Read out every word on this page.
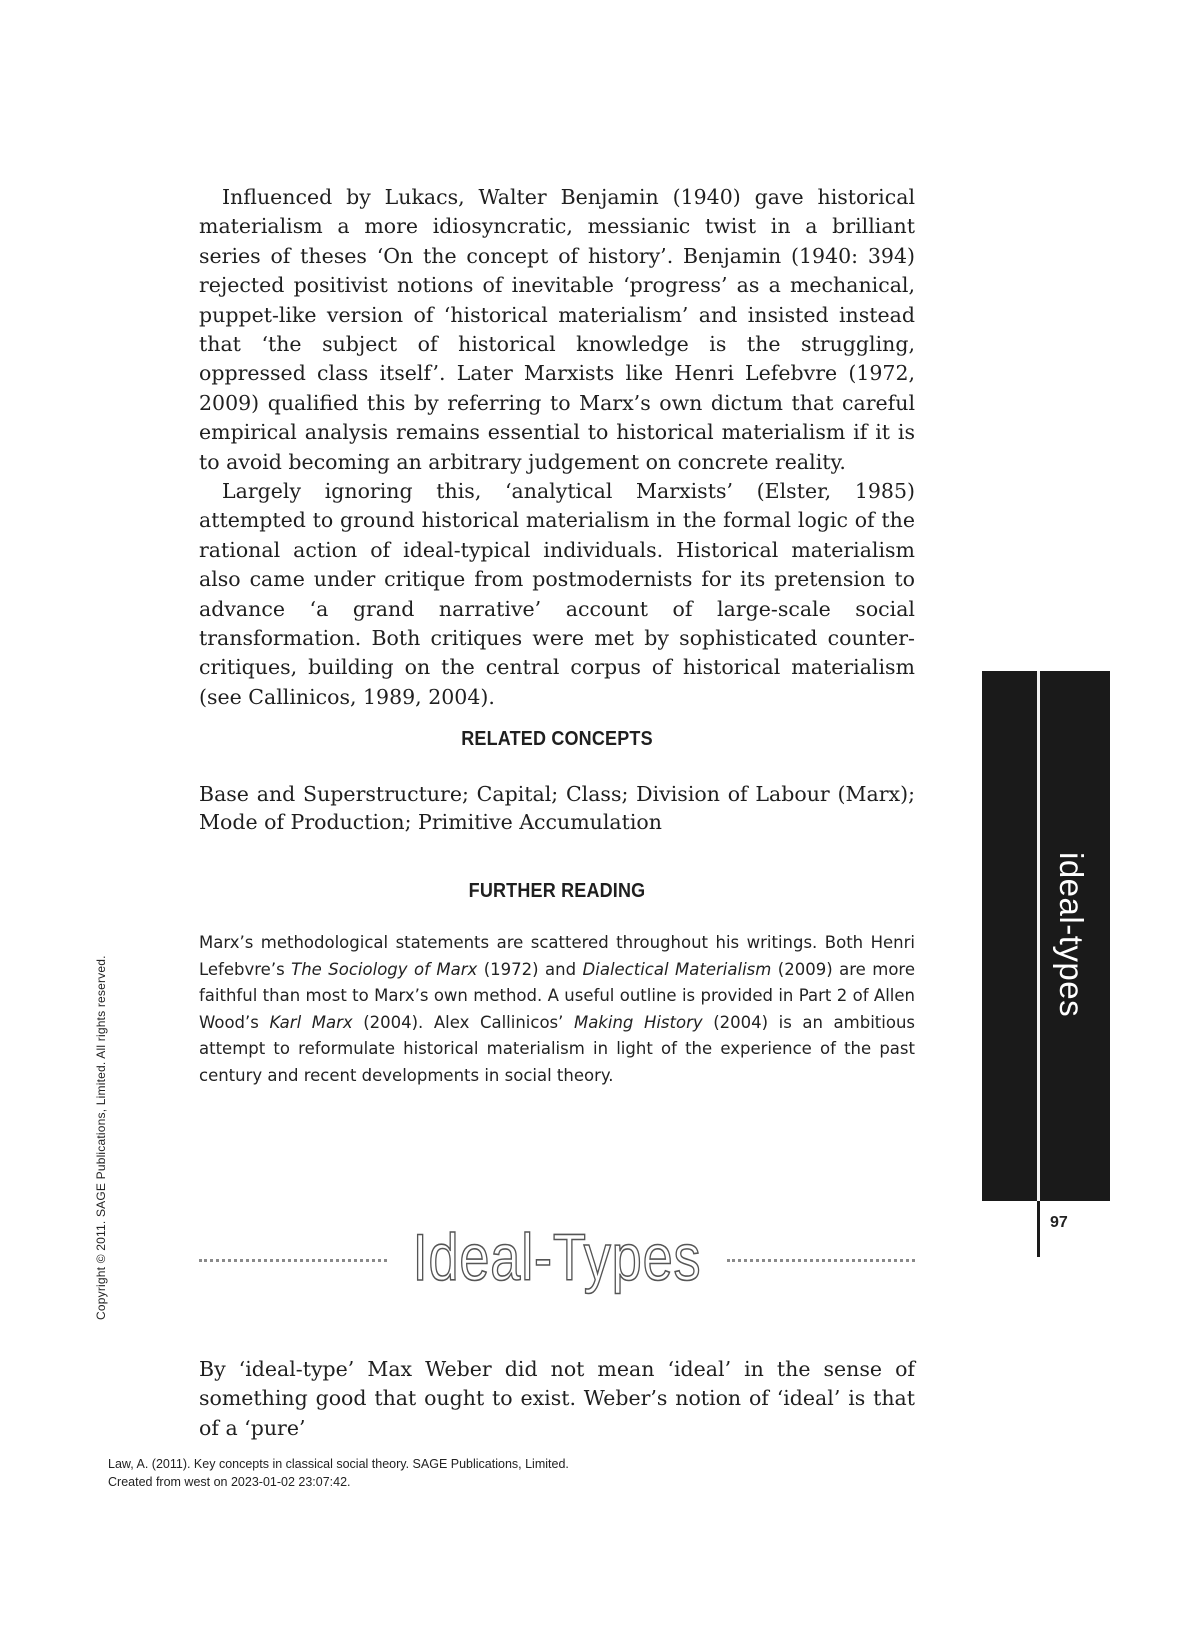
Influenced by Lukacs, Walter Benjamin (1940) gave historical materialism a more idiosyncratic, messianic twist in a brilliant series of theses ‘On the concept of history’. Benjamin (1940: 394) rejected positivist notions of inevitable ‘progress’ as a mechanical, puppet-like version of ‘historical materialism’ and insisted instead that ‘the subject of historical knowledge is the struggling, oppressed class itself’. Later Marxists like Henri Lefebvre (1972, 2009) qualified this by referring to Marx’s own dictum that careful empirical analysis remains essential to historical materialism if it is to avoid becoming an arbitrary judgement on concrete reality.

Largely ignoring this, ‘analytical Marxists’ (Elster, 1985) attempted to ground historical materialism in the formal logic of the rational action of ideal-typical individuals. Historical materialism also came under critique from postmodernists for its pretension to advance ‘a grand narrative’ account of large-scale social transformation. Both critiques were met by sophisticated counter-critiques, building on the central corpus of historical materialism (see Callinicos, 1989, 2004).

RELATED CONCEPTS

Base and Superstructure; Capital; Class; Division of Labour (Marx); Mode of Production; Primitive Accumulation

FURTHER READING

Marx’s methodological statements are scattered throughout his writings. Both Henri Lefebvre’s The Sociology of Marx (1972) and Dialectical Materialism (2009) are more faithful than most to Marx’s own method. A useful outline is provided in Part 2 of Allen Wood’s Karl Marx (2004). Alex Callinicos’ Making History (2004) is an ambitious attempt to reformulate historical materialism in light of the experience of the past century and recent developments in social theory.

Ideal-Types

By ‘ideal-type’ Max Weber did not mean ‘ideal’ in the sense of something good that ought to exist. Weber’s notion of ‘ideal’ is that of a ‘pure’

ideal-types
97
Copyright © 2011. SAGE Publications, Limited. All rights reserved.
Law, A. (2011). Key concepts in classical social theory. SAGE Publications, Limited.
Created from west on 2023-01-02 23:07:42.
